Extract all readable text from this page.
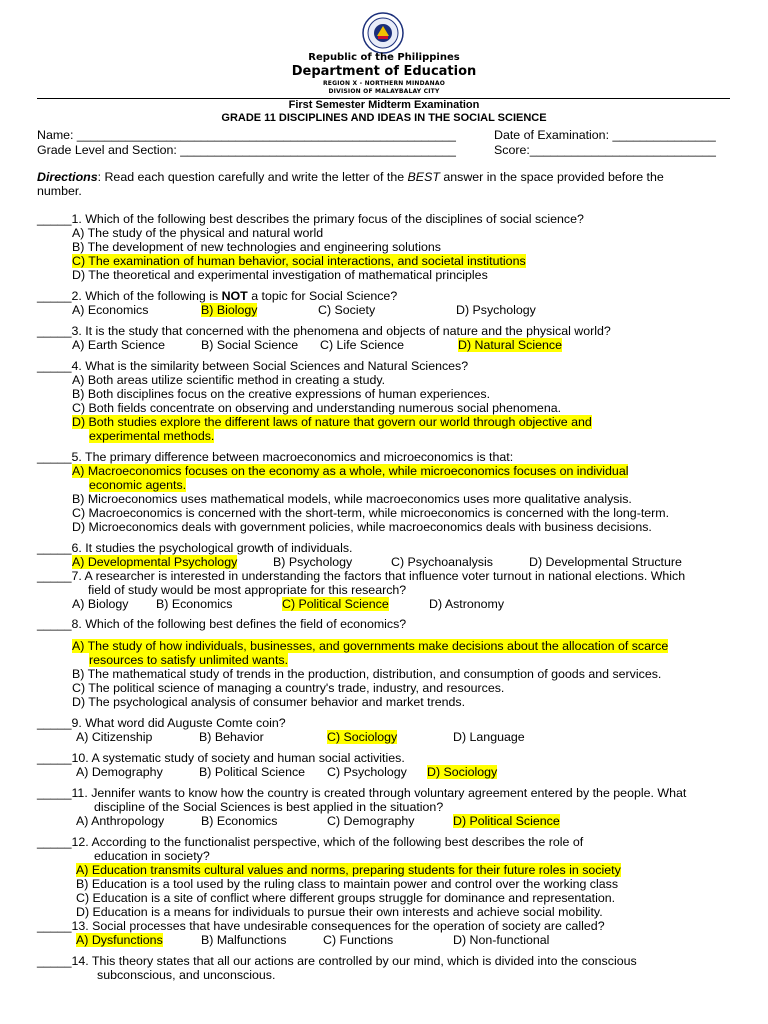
Republic of the Philippines
Department of Education
REGION X - NORTHERN MINDANAO
DIVISION OF MALAYBALAY CITY
First Semester Midterm Examination
GRADE 11 DISCIPLINES AND IDEAS IN THE SOCIAL SCIENCE
Name: _______________________________________________________	Date of Examination: _______________
Grade Level and Section: ________________________________________	Score:___________________________
Directions: Read each question carefully and write the letter of the BEST answer in the space provided before the
number.
_____1. Which of the following best describes the primary focus of the disciplines of social science?
A) The study of the physical and natural world
B) The development of new technologies and engineering solutions
C) The examination of human behavior, social interactions, and societal institutions
D) The theoretical and experimental investigation of mathematical principles
_____2. Which of the following is NOT a topic for Social Science?
A) Economics	B) Biology	C) Society	D) Psychology
_____3. It is the study that concerned with the phenomena and objects of nature and the physical world?
A) Earth Science	B) Social Science C) Life Science	D) Natural Science
_____4. What is the similarity between Social Sciences and Natural Sciences?
A) Both areas utilize scientific method in creating a study.
B) Both disciplines focus on the creative expressions of human experiences.
C) Both fields concentrate on observing and understanding numerous social phenomena.
D) Both studies explore the different laws of nature that govern our world through objective and
experimental methods.
_____5. The primary difference between macroeconomics and microeconomics is that:
A) Macroeconomics focuses on the economy as a whole, while microeconomics focuses on individual
economic agents.
B) Microeconomics uses mathematical models, while macroeconomics uses more qualitative analysis.
C) Macroeconomics is concerned with the short-term, while microeconomics is concerned with the long-term.
D) Microeconomics deals with government policies, while macroeconomics deals with business decisions.
_____6. It studies the psychological growth of individuals.
A) Developmental Psychology	B) Psychology	C) Psychoanalysis	D) Developmental Structure
_____7. A researcher is interested in understanding the factors that influence voter turnout in national elections. Which
field of study would be most appropriate for this research?
A) Biology B) Economics	C) Political Science	D) Astronomy
_____8. Which of the following best defines the field of economics?
A) The study of how individuals, businesses, and governments make decisions about the allocation of scarce
resources to satisfy unlimited wants.
B) The mathematical study of trends in the production, distribution, and consumption of goods and services.
C) The political science of managing a country's trade, industry, and resources.
D) The psychological analysis of consumer behavior and market trends.
_____9. What word did Auguste Comte coin?
A) Citizenship	B) Behavior	C) Sociology	D) Language
_____10. A systematic study of society and human social activities.
A) Demography	B) Political Science C) Psychology D) Sociology
_____11. Jennifer wants to know how the country is created through voluntary agreement entered by the people. What
discipline of the Social Sciences is best applied in the situation?
A) Anthropology	B) Economics	C) Demography	D) Political Science
_____12. According to the functionalist perspective, which of the following best describes the role of
education in society?
A) Education transmits cultural values and norms, preparing students for their future roles in society
B) Education is a tool used by the ruling class to maintain power and control over the working class
C) Education is a site of conflict where different groups struggle for dominance and representation.
D) Education is a means for individuals to pursue their own interests and achieve social mobility.
_____13. Social processes that have undesirable consequences for the operation of society are called?
A) Dysfunctions	B) Malfunctions	C) Functions	D) Non-functional
_____14. This theory states that all our actions are controlled by our mind, which is divided into the conscious
subconscious, and unconscious.
